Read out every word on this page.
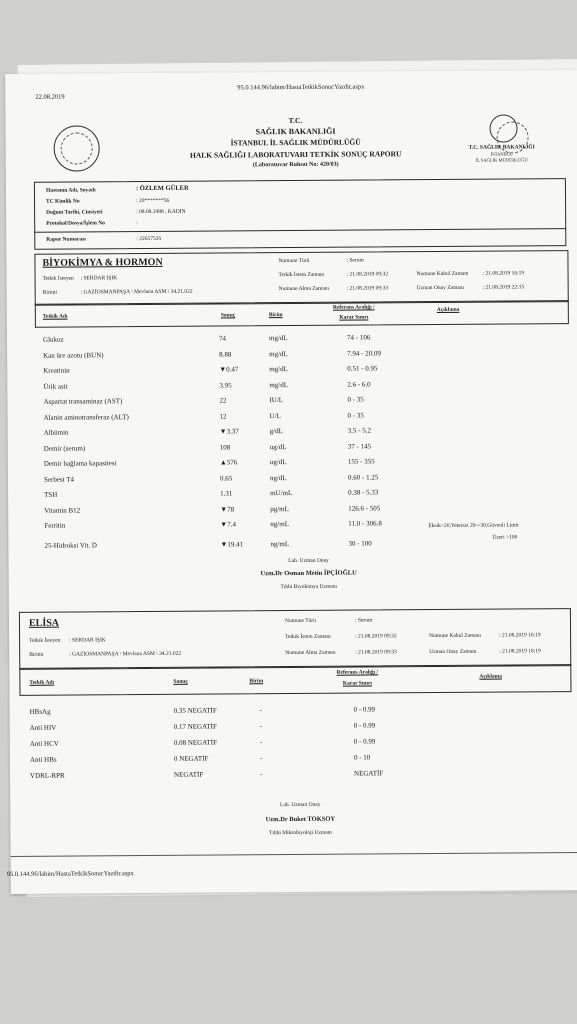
22.08.2019
95.0.144.96/labim/HastaTetkikSonucYazdir.aspx
T.C. SAĞLIK BAKANLIĞI
İSTANBUL
İL SAĞLIK MÜDÜRLÜĞÜ
T.C.
SAĞLIK BAKANLIĞI
İSTANBUL İL SAĞLIK MÜDÜRLÜĞÜ
HALK SAĞLIĞI LABORATUVARI TETKİK SONUÇ RAPORU
(Laboratuvar Ruhsat No: 420/03)
Hastanın Adı, Soyadı	: ÖZLEM GÜLER
TC Kimlik No	: 20*******56
Doğum Tarihi, Cinsiyeti	: 08.08.1988 , KADIN
Protokol/Dosya/İşlem No	:
Rapor Numarası	: 22657535
BİYOKİMYA & HORMON
Tetkik İsteyen : SERDAR IŞIK
Birimi	: GAZİOSMANPAŞA \ Mevlana ASM \ 34.21.022
Numune Türü	: Serum
Tetkik İstem Zamanı	: 21.08.2019 09:32	Numune Kabul Zamanı	: 21.08.2019 16:19
Numune Alma Zamanı	: 21.08.2019 09:33	Uzman Onay Zamanı	: 21.08.2019 22:15
Tetkik Adı	Sonuç	Birim
Referans Aralığı /
Karar Sınırı
Açıklama
Glukoz	74	mg/dL	74 - 106
Kan üre azotu (BUN)	8.88	mg/dL	7.94 - 20.09
Kreatinin	▼0.47	mg/dL	0.51 - 0.95
Ürik asit	3.95	mg/dL	2.6 - 6.0
Aspartat transaminaz (AST)	22	IU/L	0 - 35
Alanin aminotransferaz (ALT)	12	U/L	0 - 35
Albümin	▼3.37	g/dL	3.5 - 5.2
Demir (serum)	108	ug/dL	37 - 145
Demir bağlama kapasitesi	▲576	ug/dL	155 - 355
Serbest T4	0.65	ng/dL	0.60 - 1.25
TSH	1.31	mU/mL	0.38 - 5.33
Vitamin B12	▼78	pg/mL	126.6 - 505
Ferritin	▼7.4	ng/mL	11.0 - 306.8
25-Hidroksi Vit. D	▼19.41	ng/mL	30 - 100
Eksik<20,Yetersiz 20-<30,Güvenli Limit
Üzeri >100
Lab. Uzman Onay
Uzm.Dr Osman Metin İPÇİOĞLU
Tıbbi Biyokimya Uzmanı
ELİSA
Tetkik İsteyen : SERDAR IŞIK
Birimi	: GAZİOSMANPAŞA \ Mevlana ASM \ 34.21.022
Numune Türü	: Serum
Tetkik İstem Zamanı	: 21.08.2019 09:32	Numune Kabul Zamanı	: 21.08.2019 16:19
Numune Alma Zamanı	: 21.08.2019 09:33	Uzman Onay Zamanı	: 21.08.2019 18:19
Tetkik Adı	Sonuç	Birim
Referans Aralığı /
Karar Sınırı
Açıklama
HBsAg	0.35 NEGATİF	-	0 - 0.99
Anti HIV	0.17 NEGATİF	-	0 - 0.99
Anti HCV	0.08 NEGATİF	-	0 - 0.99
Anti HBs	0 NEGATİF	-	0 - 10
VDRL-RPR	NEGATİF	-	NEGATİF
Lab. Uzman Onay
Uzm.Dr Buket TOKSOY
Tıbbi Mikrobiyoloji Uzmanı
95.0.144.96/labim/HastaTetkikSonucYazdir.aspx
